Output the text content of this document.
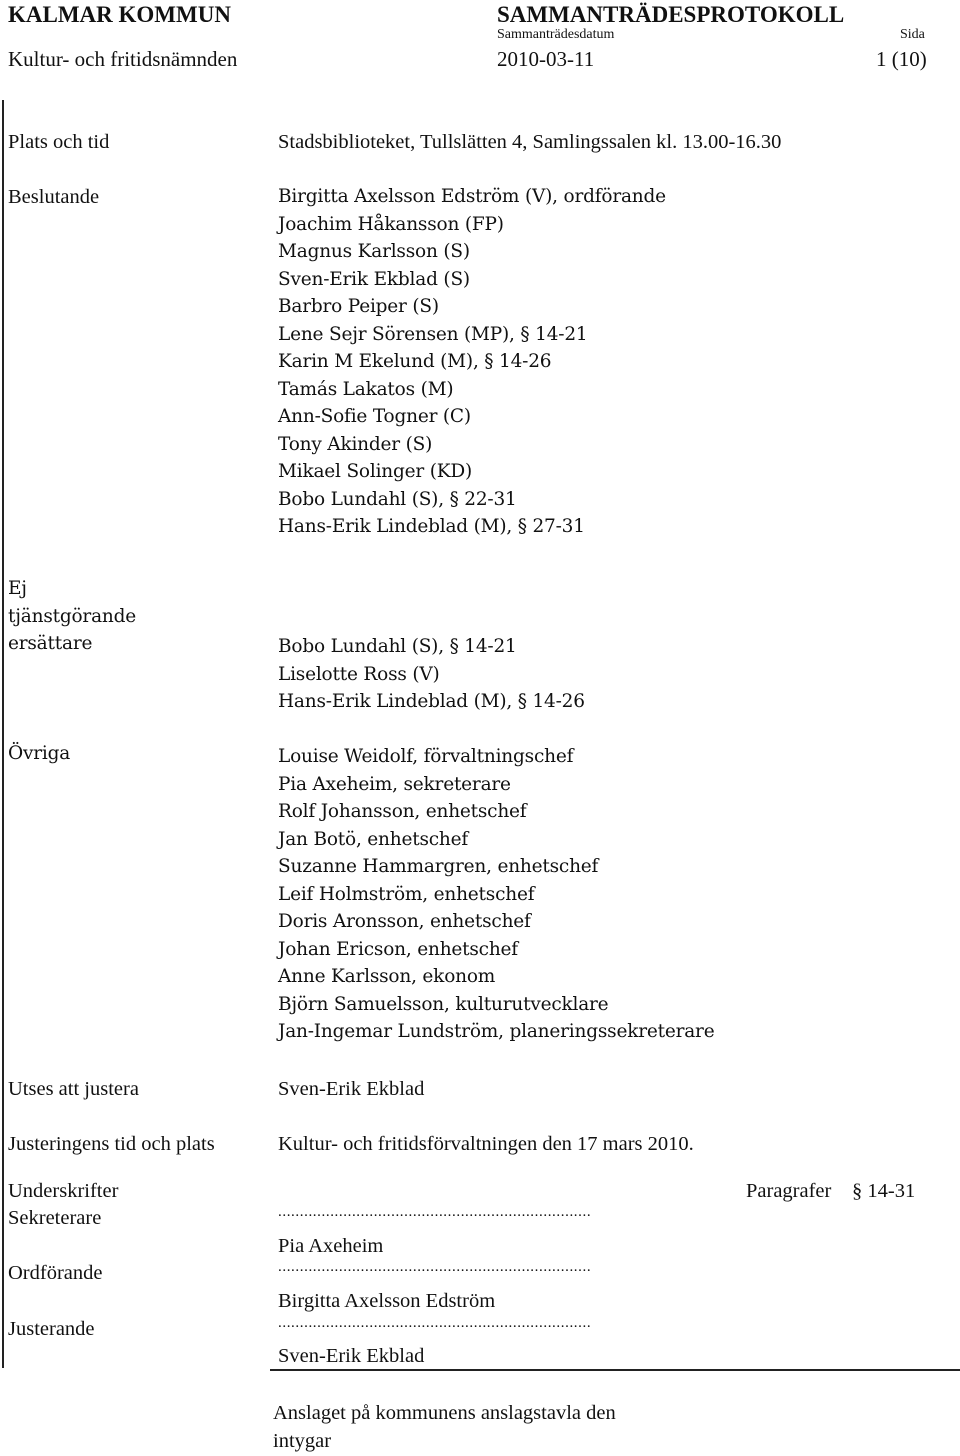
KALMAR KOMMUN	SAMMANTRÄDESPROTOKOLL
Sammanträdesdatum	Sida
Kultur- och fritidsnämnden	2010-03-11	1 (10)
Plats och tid	Stadsbiblioteket, Tullslätten 4, Samlingssalen kl. 13.00-16.30
Beslutande	Birgitta Axelsson Edström (V), ordförande
Joachim Håkansson (FP)
Magnus Karlsson (S)
Sven-Erik Ekblad (S)
Barbro Peiper (S)
Lene Sejr Sörensen (MP), § 14-21
Karin M Ekelund (M), § 14-26
Tamás Lakatos (M)
Ann-Sofie Togner (C)
Tony Akinder (S)
Mikael Solinger (KD)
Bobo Lundahl (S), § 22-31
Hans-Erik Lindeblad (M), § 27-31
Ej
tjänstgörande
ersättare	Bobo Lundahl (S), § 14-21
Liselotte Ross (V)
Hans-Erik Lindeblad (M), § 14-26
Övriga	Louise Weidolf, förvaltningschef
Pia Axeheim, sekreterare
Rolf Johansson, enhetschef
Jan Botö, enhetschef
Suzanne Hammargren, enhetschef
Leif Holmström, enhetschef
Doris Aronsson, enhetschef
Johan Ericson, enhetschef
Anne Karlsson, ekonom
Björn Samuelsson, kulturutvecklare
Jan-Ingemar Lundström, planeringssekreterare
Utses att justera	Sven-Erik Ekblad
Justeringens tid och plats	Kultur- och fritidsförvaltningen den 17 mars 2010.
Underskrifter	Paragrafer § 14-31
Sekreterare	........................................................................
Pia Axeheim
Ordförande	........................................................................
Birgitta Axelsson Edström
Justerande	........................................................................
Sven-Erik Ekblad
Anslaget på kommunens anslagstavla den
intygar
